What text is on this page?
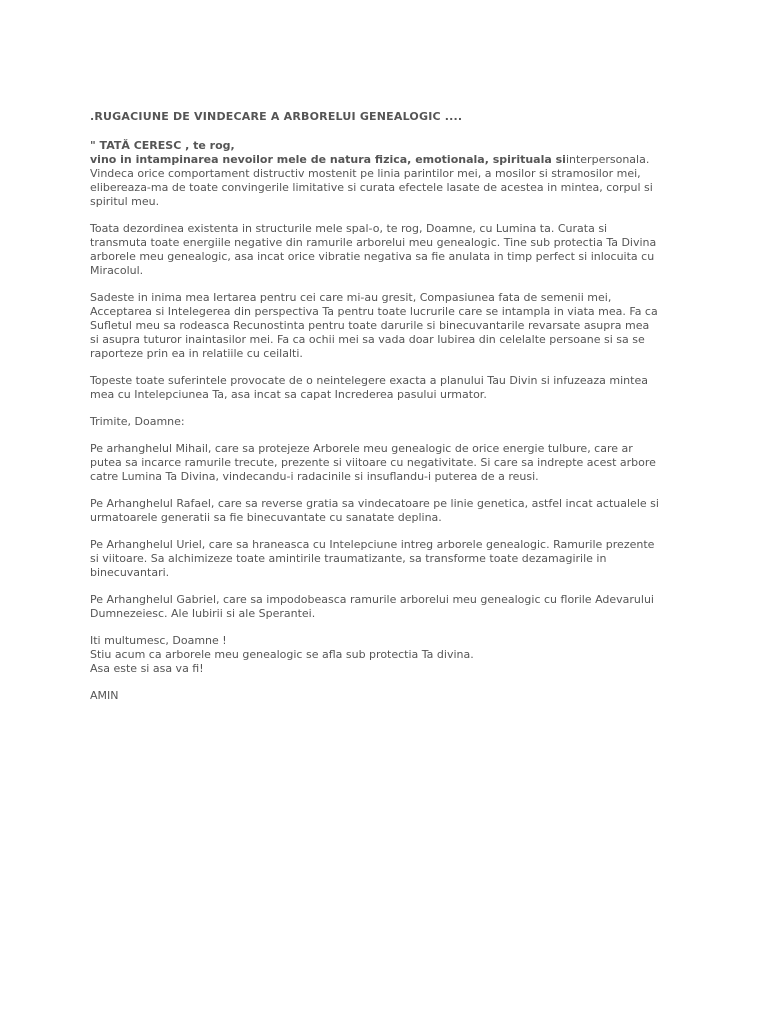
.RUGACIUNE DE VINDECARE A ARBORELUI GENEALOGIC ....
" TATĂ CERESC , te rog,
vino in intampinarea nevoilor mele de natura fizica, emotionala, spirituala siinterpersonala.
Vindeca orice comportament distructiv mostenit pe linia parintilor mei, a mosilor si stramosilor mei,
elibereaza-ma de toate convingerile limitative si curata efectele lasate de acestea in mintea, corpul si
spiritul meu.
Toata dezordinea existenta in structurile mele spal-o, te rog, Doamne, cu Lumina ta. Curata si
transmuta toate energiile negative din ramurile arborelui meu genealogic. Tine sub protectia Ta Divina
arborele meu genealogic, asa incat orice vibratie negativa sa fie anulata in timp perfect si inlocuita cu
Miracolul.
Sadeste in inima mea Iertarea pentru cei care mi-au gresit, Compasiunea fata de semenii mei,
Acceptarea si Intelegerea din perspectiva Ta pentru toate lucrurile care se intampla in viata mea. Fa ca
Sufletul meu sa rodeasca Recunostinta pentru toate darurile si binecuvantarile revarsate asupra mea
si asupra tuturor inaintasilor mei. Fa ca ochii mei sa vada doar Iubirea din celelalte persoane si sa se
raporteze prin ea in relatiile cu ceilalti.
Topeste toate suferintele provocate de o neintelegere exacta a planului Tau Divin si infuzeaza mintea
mea cu Intelepciunea Ta, asa incat sa capat Increderea pasului urmator.
Trimite, Doamne:
Pe arhanghelul Mihail, care sa protejeze Arborele meu genealogic de orice energie tulbure, care ar
putea sa incarce ramurile trecute, prezente si viitoare cu negativitate. Si care sa indrepte acest arbore
catre Lumina Ta Divina, vindecandu-i radacinile si insuflandu-i puterea de a reusi.
Pe Arhanghelul Rafael, care sa reverse gratia sa vindecatoare pe linie genetica, astfel incat actualele si
urmatoarele generatii sa fie binecuvantate cu sanatate deplina.
Pe Arhanghelul Uriel, care sa hraneasca cu Intelepciune intreg arborele genealogic. Ramurile prezente
si viitoare. Sa alchimizeze toate amintirile traumatizante, sa transforme toate dezamagirile in
binecuvantari.
Pe Arhanghelul Gabriel, care sa impodobeasca ramurile arborelui meu genealogic cu florile Adevarului
Dumnezeiesc. Ale Iubirii si ale Sperantei.
Iti multumesc, Doamne !
Stiu acum ca arborele meu genealogic se afla sub protectia Ta divina.
Asa este si asa va fi!
AMIN
